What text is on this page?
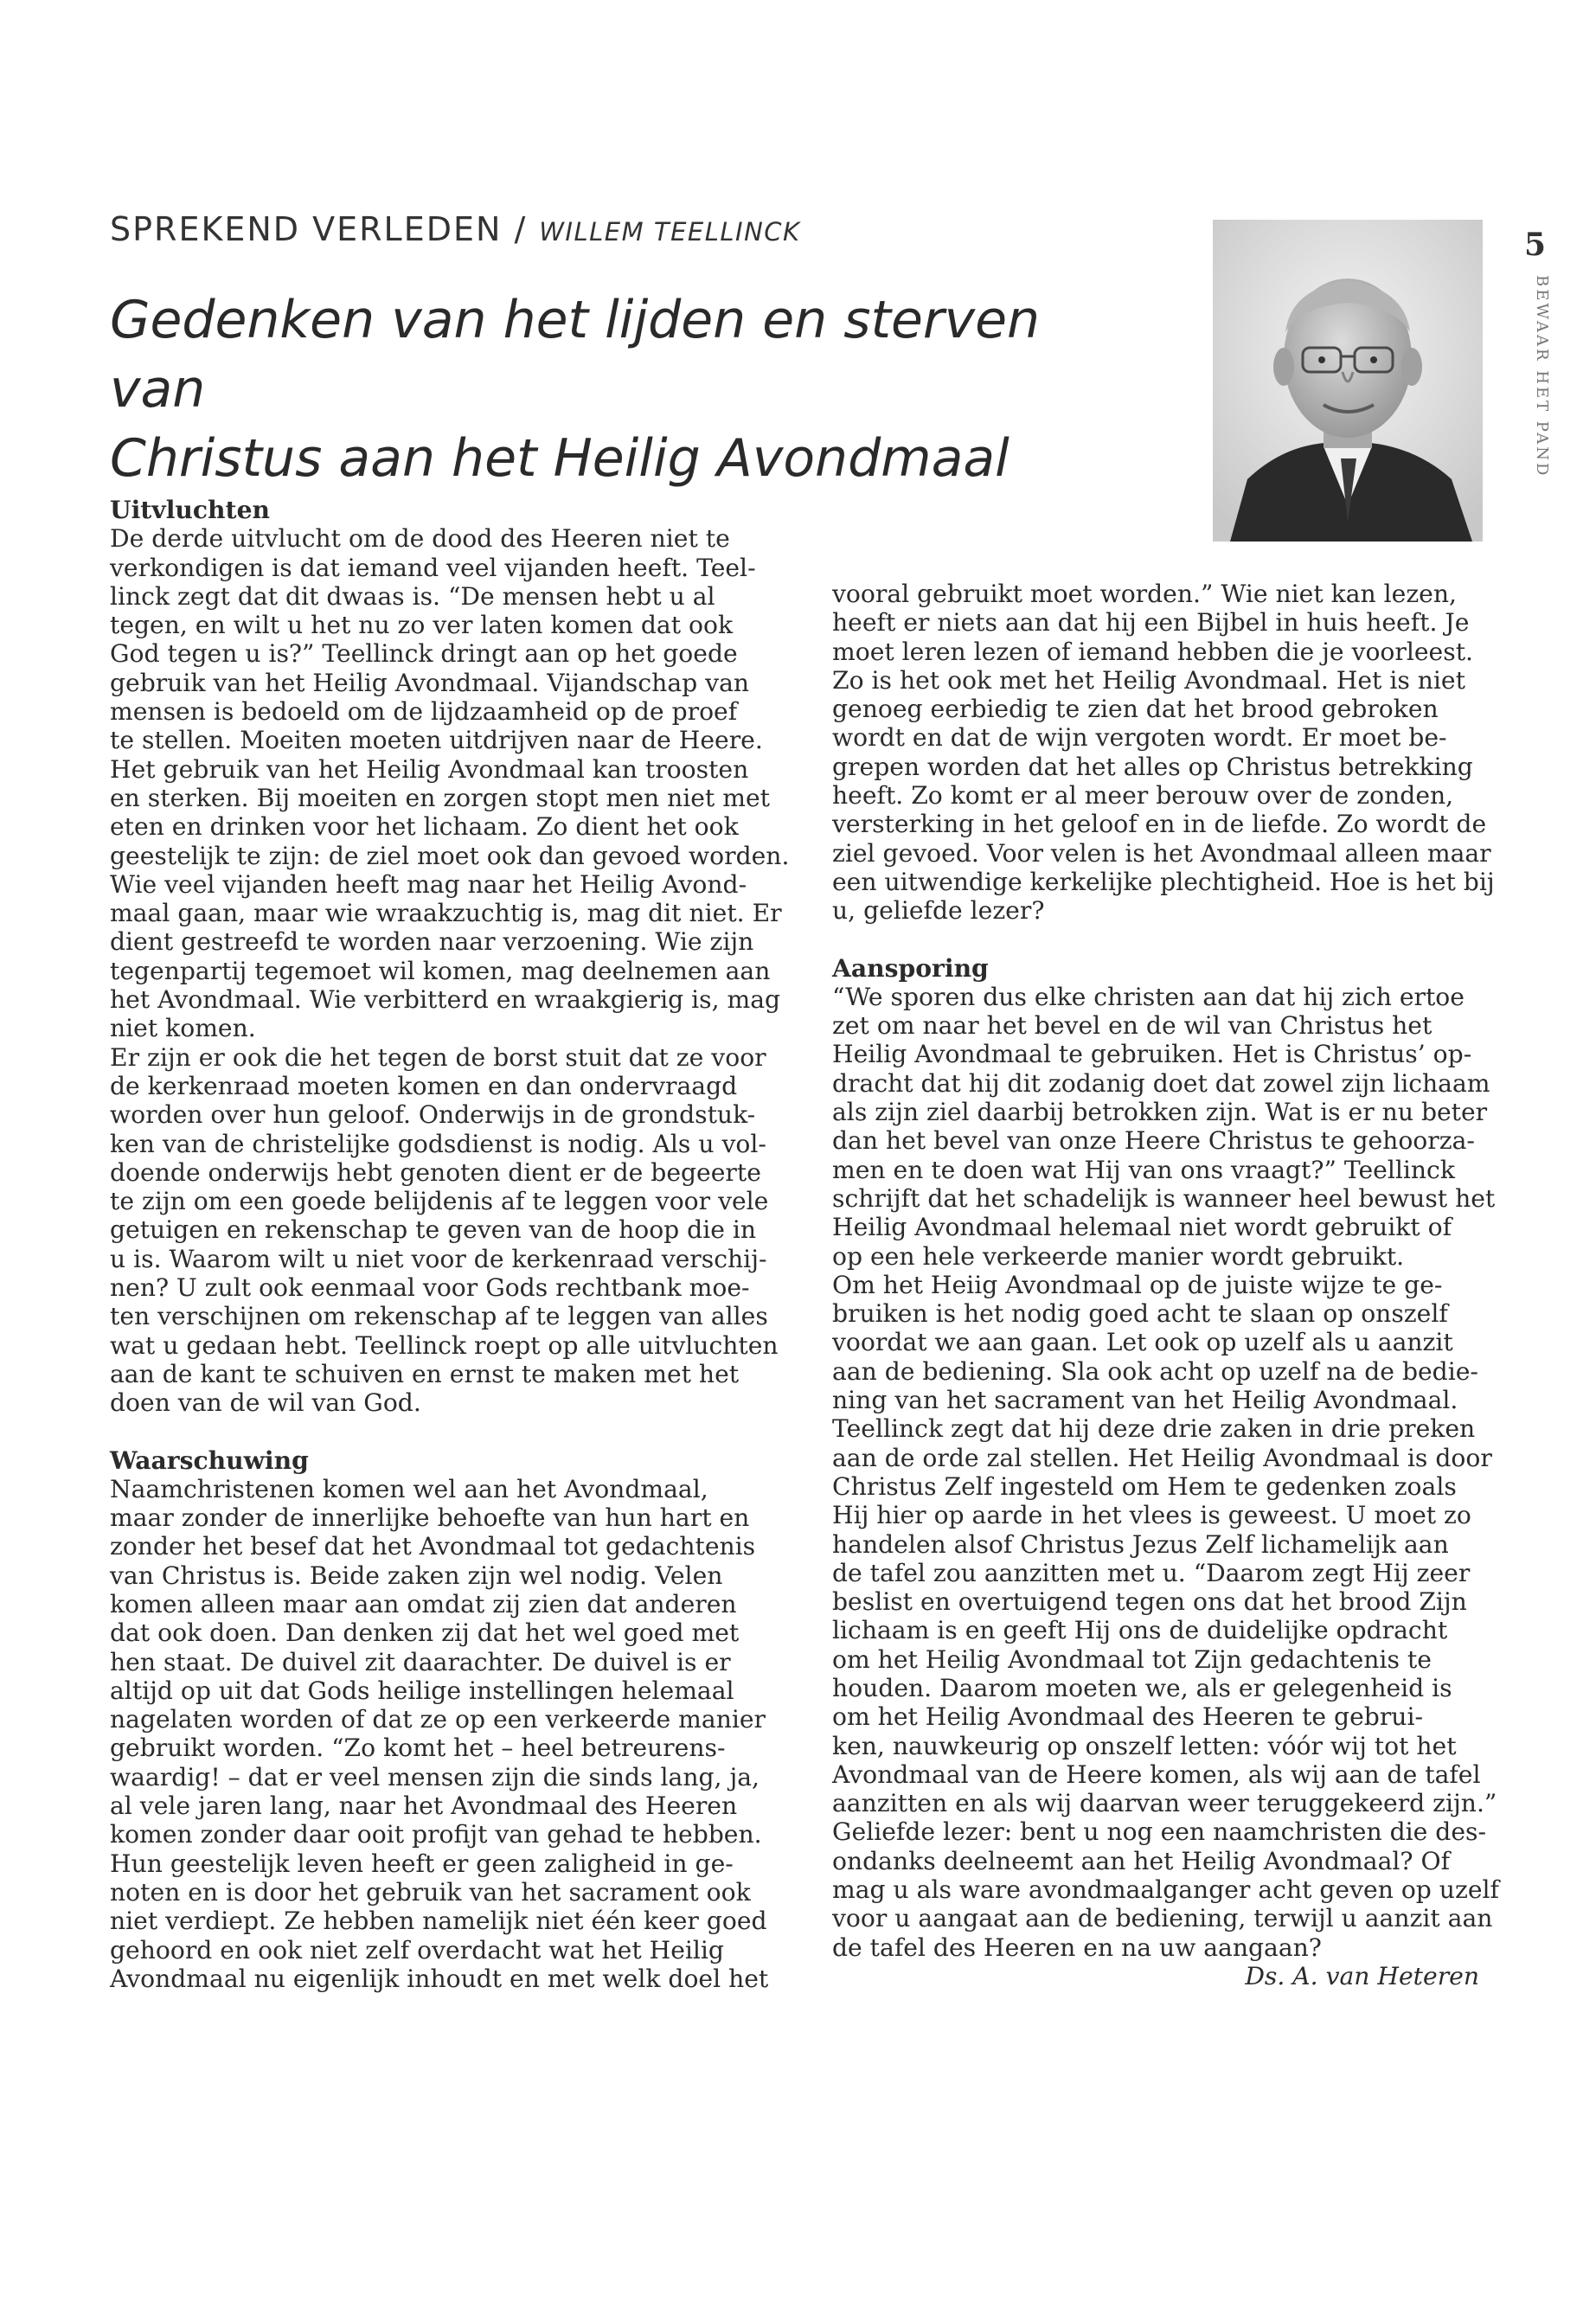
SPREKEND VERLEDEN / WILLEM TEELLINCK
Gedenken van het lijden en sterven van
Christus aan het Heilig Avondmaal
5
BEWAAR HET PAND
Uitvluchten
De derde uitvlucht om de dood des Heeren niet te
verkondigen is dat iemand veel vijanden heeft. Teel-
linck zegt dat dit dwaas is. “De mensen hebt u al
tegen, en wilt u het nu zo ver laten komen dat ook
God tegen u is?” Teellinck dringt aan op het goede
gebruik van het Heilig Avondmaal. Vijandschap van
mensen is bedoeld om de lijdzaamheid op de proef
te stellen. Moeiten moeten uitdrijven naar de Heere.
Het gebruik van het Heilig Avondmaal kan troosten
en sterken. Bij moeiten en zorgen stopt men niet met
eten en drinken voor het lichaam. Zo dient het ook
geestelijk te zijn: de ziel moet ook dan gevoed worden.
Wie veel vijanden heeft mag naar het Heilig Avond-
maal gaan, maar wie wraakzuchtig is, mag dit niet. Er
dient gestreefd te worden naar verzoening. Wie zijn
tegenpartij tegemoet wil komen, mag deelnemen aan
het Avondmaal. Wie verbitterd en wraakgierig is, mag
niet komen.
Er zijn er ook die het tegen de borst stuit dat ze voor
de kerkenraad moeten komen en dan ondervraagd
worden over hun geloof. Onderwijs in de grondstuk-
ken van de christelijke godsdienst is nodig. Als u vol-
doende onderwijs hebt genoten dient er de begeerte
te zijn om een goede belijdenis af te leggen voor vele
getuigen en rekenschap te geven van de hoop die in
u is. Waarom wilt u niet voor de kerkenraad verschij-
nen? U zult ook eenmaal voor Gods rechtbank moe-
ten verschijnen om rekenschap af te leggen van alles
wat u gedaan hebt. Teellinck roept op alle uitvluchten
aan de kant te schuiven en ernst te maken met het
doen van de wil van God.
Waarschuwing
Naamchristenen komen wel aan het Avondmaal,
maar zonder de innerlijke behoefte van hun hart en
zonder het besef dat het Avondmaal tot gedachtenis
van Christus is. Beide zaken zijn wel nodig. Velen
komen alleen maar aan omdat zij zien dat anderen
dat ook doen. Dan denken zij dat het wel goed met
hen staat. De duivel zit daarachter. De duivel is er
altijd op uit dat Gods heilige instellingen helemaal
nagelaten worden of dat ze op een verkeerde manier
gebruikt worden. “Zo komt het – heel betreurens-
waardig! – dat er veel mensen zijn die sinds lang, ja,
al vele jaren lang, naar het Avondmaal des Heeren
komen zonder daar ooit profijt van gehad te hebben.
Hun geestelijk leven heeft er geen zaligheid in ge-
noten en is door het gebruik van het sacrament ook
niet verdiept. Ze hebben namelijk niet één keer goed
gehoord en ook niet zelf overdacht wat het Heilig
Avondmaal nu eigenlijk inhoudt en met welk doel het
vooral gebruikt moet worden.” Wie niet kan lezen,
heeft er niets aan dat hij een Bijbel in huis heeft. Je
moet leren lezen of iemand hebben die je voorleest.
Zo is het ook met het Heilig Avondmaal. Het is niet
genoeg eerbiedig te zien dat het brood gebroken
wordt en dat de wijn vergoten wordt. Er moet be-
grepen worden dat het alles op Christus betrekking
heeft. Zo komt er al meer berouw over de zonden,
versterking in het geloof en in de liefde. Zo wordt de
ziel gevoed. Voor velen is het Avondmaal alleen maar
een uitwendige kerkelijke plechtigheid. Hoe is het bij
u, geliefde lezer?
Aansporing
“We sporen dus elke christen aan dat hij zich ertoe
zet om naar het bevel en de wil van Christus het
Heilig Avondmaal te gebruiken. Het is Christus’ op-
dracht dat hij dit zodanig doet dat zowel zijn lichaam
als zijn ziel daarbij betrokken zijn. Wat is er nu beter
dan het bevel van onze Heere Christus te gehoorza-
men en te doen wat Hij van ons vraagt?” Teellinck
schrijft dat het schadelijk is wanneer heel bewust het
Heilig Avondmaal helemaal niet wordt gebruikt of
op een hele verkeerde manier wordt gebruikt.
Om het Heiig Avondmaal op de juiste wijze te ge-
bruiken is het nodig goed acht te slaan op onszelf
voordat we aan gaan. Let ook op uzelf als u aanzit
aan de bediening. Sla ook acht op uzelf na de bedie-
ning van het sacrament van het Heilig Avondmaal.
Teellinck zegt dat hij deze drie zaken in drie preken
aan de orde zal stellen. Het Heilig Avondmaal is door
Christus Zelf ingesteld om Hem te gedenken zoals
Hij hier op aarde in het vlees is geweest. U moet zo
handelen alsof Christus Jezus Zelf lichamelijk aan
de tafel zou aanzitten met u. “Daarom zegt Hij zeer
beslist en overtuigend tegen ons dat het brood Zijn
lichaam is en geeft Hij ons de duidelijke opdracht
om het Heilig Avondmaal tot Zijn gedachtenis te
houden. Daarom moeten we, als er gelegenheid is
om het Heilig Avondmaal des Heeren te gebrui-
ken, nauwkeurig op onszelf letten: vóór wij tot het
Avondmaal van de Heere komen, als wij aan de tafel
aanzitten en als wij daarvan weer teruggekeerd zijn.”
Geliefde lezer: bent u nog een naamchristen die des-
ondanks deelneemt aan het Heilig Avondmaal? Of
mag u als ware avondmaalganger acht geven op uzelf
voor u aangaat aan de bediening, terwijl u aanzit aan
de tafel des Heeren en na uw aangaan?
Ds. A. van Heteren
